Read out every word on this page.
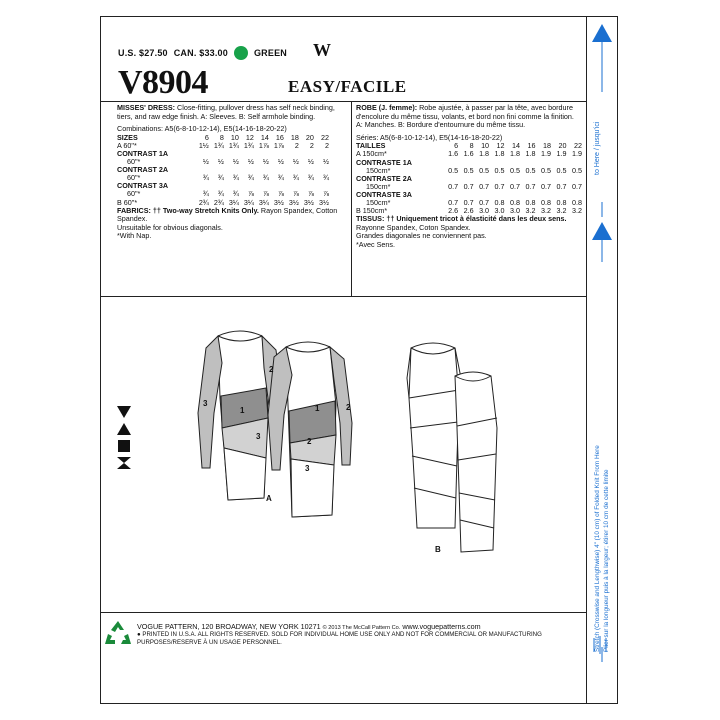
U.S. $27.50 CAN. $33.00	GREEN W
V8904	EASY/FACILE

MISSES' DRESS: Close-fitting, pullover dress has self neck binding, tiers, and raw edge finish. A: Sleeves. B: Self armhole binding.

Combinations: A5(6-8-10-12-14), E5(14-16-18-20-22)

SIZES	6	8	10	12	14	16	18	20	22
A 60"*	1½	1¾	1¾	1¾	1⅞	1⅞	2	2	2
CONTRAST 1A									
60"*	½	½	½	½	½	½	½	½	½
CONTRAST 2A									
60"*	¾	¾	¾	¾	¾	¾	¾	¾	¾
CONTRAST 3A									
60"*	¾	¾	¾	⅞	⅞	⅞	⅞	⅞	⅞
B 60"*	2¾	2¾	3¼	3¼	3¼	3½	3½	3½	3½

FABRICS: †† Two-way Stretch Knits Only. Rayon Spandex, Cotton Spandex.

Unsuitable for obvious diagonals.

*With Nap.

ROBE (J. femme): Robe ajustée, à passer par la tête, avec bordure d'encolure du même tissu, volants, et bord non fini comme la finition. A: Manches. B: Bordure d'entournure du même tissu.

Séries: A5(6-8-10-12-14), E5(14-16-18-20-22)

TAILLES	6	8	10	12	14	16	18	20	22
A 150cm*	1.6	1.6	1.8	1.8	1.8	1.8	1.9	1.9	1.9
CONTRASTE 1A									
150cm*	0.5	0.5	0.5	0.5	0.5	0.5	0.5	0.5	0.5
CONTRASTE 2A									
150cm*	0.7	0.7	0.7	0.7	0.7	0.7	0.7	0.7	0.7
CONTRASTE 3A									
150cm*	0.7	0.7	0.7	0.8	0.8	0.8	0.8	0.8	0.8
B 150cm*	2.6	2.6	3.0	3.0	3.0	3.2	3.2	3.2	3.2

TISSUS: †† Uniquement tricot à élasticité dans les deux sens. Rayonne Spandex, Coton Spandex.

Grandes diagonales ne conviennent pas.

*Avec Sens.

1
2
3
3
1
2
2
3
A
B
VOGUE PATTERN, 120 BROADWAY, NEW YORK 10271 © 2013 The McCall Pattern Co. www.voguepatterns.com
● PRINTED IN U.S.A. ALL RIGHTS RESERVED. SOLD FOR INDIVIDUAL HOME USE ONLY AND NOT FOR COMMERCIAL OR MANUFACTURING PURPOSES/RESERVE À UN USAGE PERSONNEL.
to Here / jusqu'ici
Stretch (Crosswise and Lengthwise) 4" (10 cm) of Folded Knit From Here Plier sur la longueur puis à la largeur; étirer 10 cm de cette limite
